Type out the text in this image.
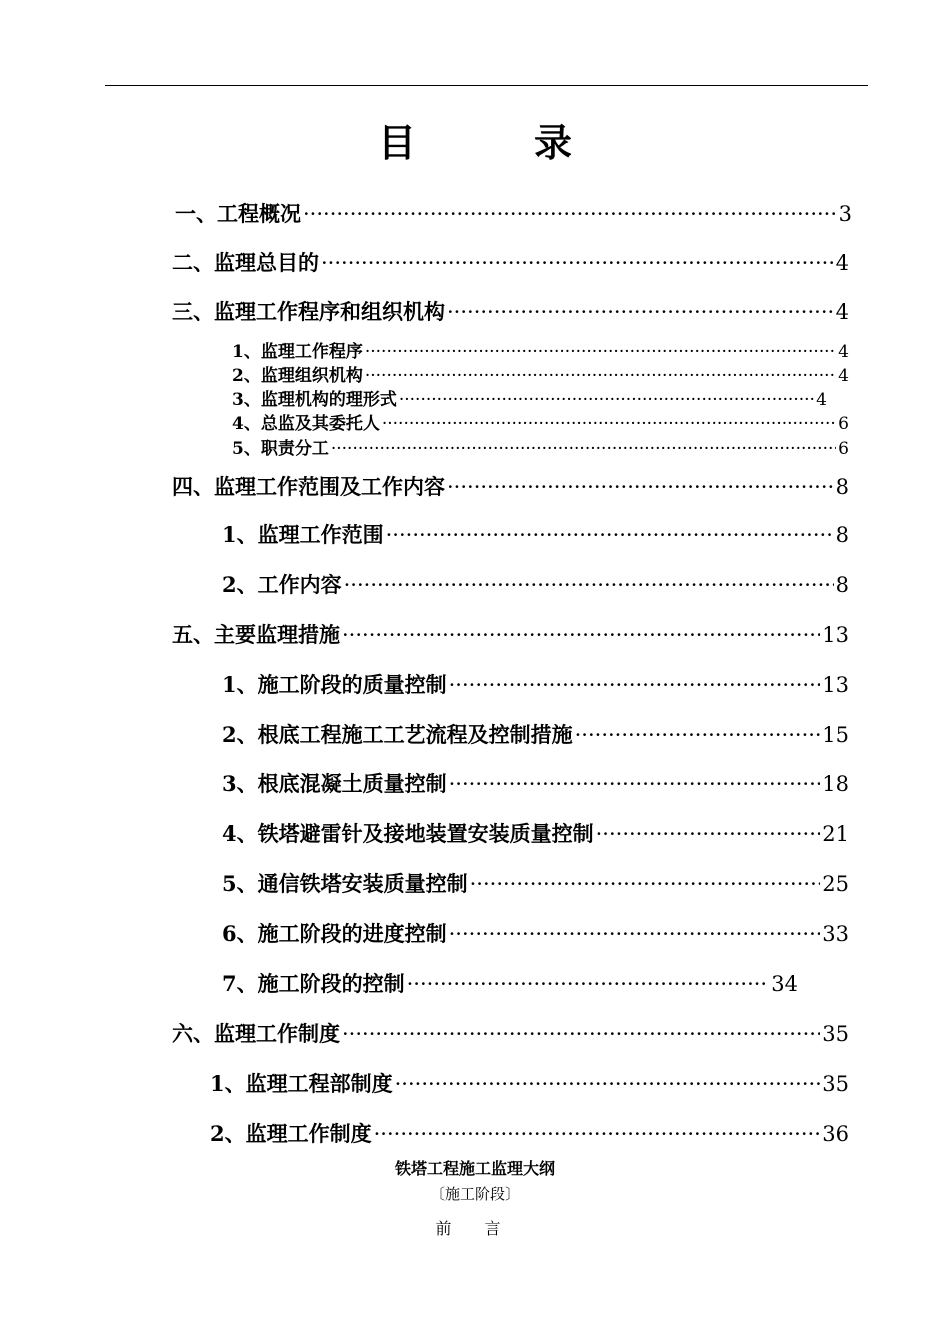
目　录
一、工程概况 ·····	3
二、监理总目的 ·····	4
三、监理工作程序和组织机构 ·····	4
1、监理工作程序 ·····	4
2、监理组织机构 ·····	4
3、监理机构的理形式 ·····	4
4、总监及其委托人 ·····	6
5、职责分工 ·····	6
四、监理工作范围及工作内容 ·····	8
1、监理工作范围 ·····	8
2、工作内容 ·····	8
五、主要监理措施 ·····	13
1、施工阶段的质量控制 ·····	13
2、根底工程施工工艺流程及控制措施 ·····	15
3、根底混凝土质量控制 ·····	18
4、铁塔避雷针及接地装置安装质量控制 ·····	21
5、通信铁塔安装质量控制 ·····	25
6、施工阶段的进度控制 ·····	33
7、施工阶段的控制 ·····	34
六、监理工作制度 ·····	35
1、监理工程部制度 ·····	35
2、监理工作制度 ·····	36
铁塔工程施工监理大纲
〔施工阶段〕
前 言
